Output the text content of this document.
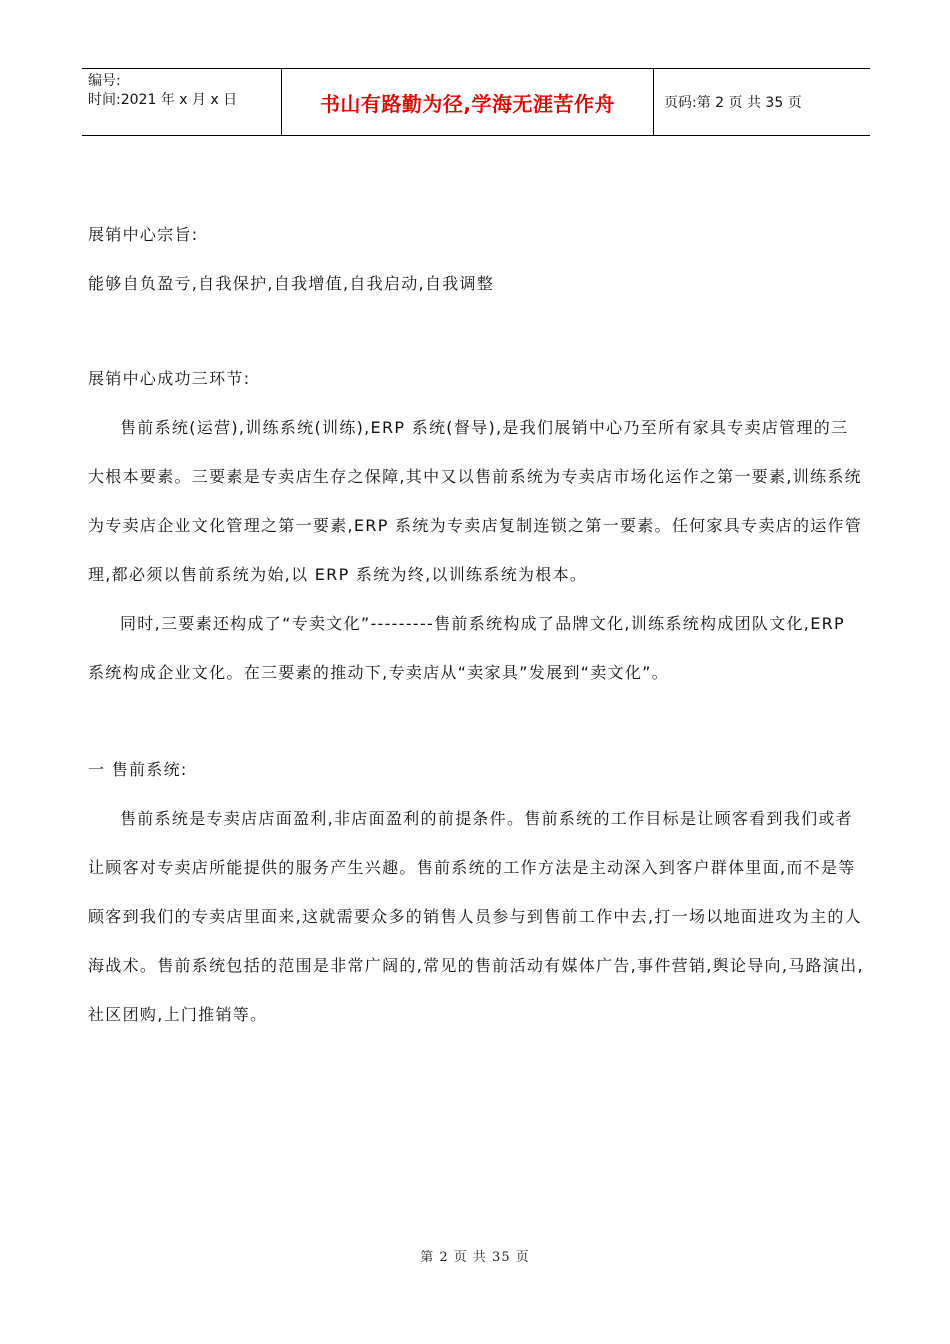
编号:
时间:2021 年 x 月 x 日	书山有路勤为径,学海无涯苦作舟	页码:第 2 页 共 35 页

展销中心宗旨:

能够自负盈亏,自我保护,自我增值,自我启动,自我调整

展销中心成功三环节:

售前系统(运营),训练系统(训练),ERP 系统(督导),是我们展销中心乃至所有家具专卖店管理的三大根本要素。三要素是专卖店生存之保障,其中又以售前系统为专卖店市场化运作之第一要素,训练系统为专卖店企业文化管理之第一要素,ERP 系统为专卖店复制连锁之第一要素。任何家具专卖店的运作管理,都必须以售前系统为始,以 ERP 系统为终,以训练系统为根本。

同时,三要素还构成了“专卖文化”---------售前系统构成了品牌文化,训练系统构成团队文化,ERP 系统构成企业文化。在三要素的推动下,专卖店从“卖家具”发展到“卖文化”。

一 售前系统:

售前系统是专卖店店面盈利,非店面盈利的前提条件。售前系统的工作目标是让顾客看到我们或者让顾客对专卖店所能提供的服务产生兴趣。售前系统的工作方法是主动深入到客户群体里面,而不是等顾客到我们的专卖店里面来,这就需要众多的销售人员参与到售前工作中去,打一场以地面进攻为主的人海战术。售前系统包括的范围是非常广阔的,常见的售前活动有媒体广告,事件营销,舆论导向,马路演出,社区团购,上门推销等。

第 2 页 共 35 页
